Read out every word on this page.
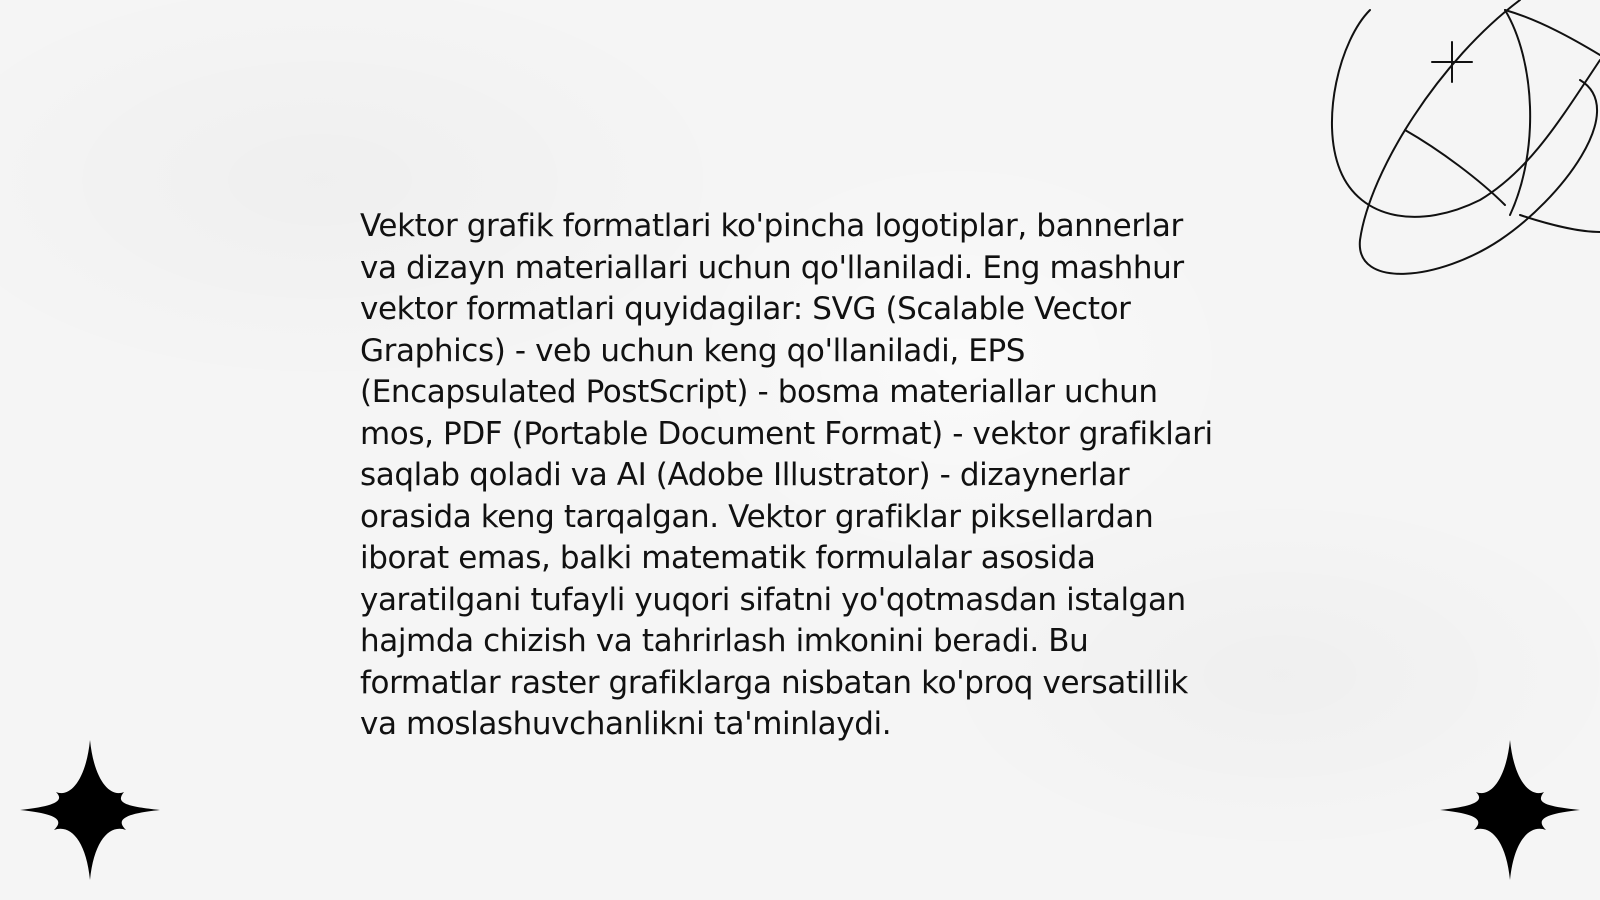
Vektor grafik formatlari ko'pincha logotiplar, bannerlar va dizayn materiallari uchun qo'llaniladi. Eng mashhur vektor formatlari quyidagilar: SVG (Scalable Vector Graphics) - veb uchun keng qo'llaniladi, EPS (Encapsulated PostScript) - bosma materiallar uchun mos, PDF (Portable Document Format) - vektor grafiklari saqlab qoladi va AI (Adobe Illustrator) - dizaynerlar orasida keng tarqalgan. Vektor grafiklar piksellardan iborat emas, balki matematik formulalar asosida yaratilgani tufayli yuqori sifatni yo'qotmasdan istalgan hajmda chizish va tahrirlash imkonini beradi. Bu formatlar raster grafiklarga nisbatan ko'proq versatillik va moslashuvchanlikni ta'minlaydi.
